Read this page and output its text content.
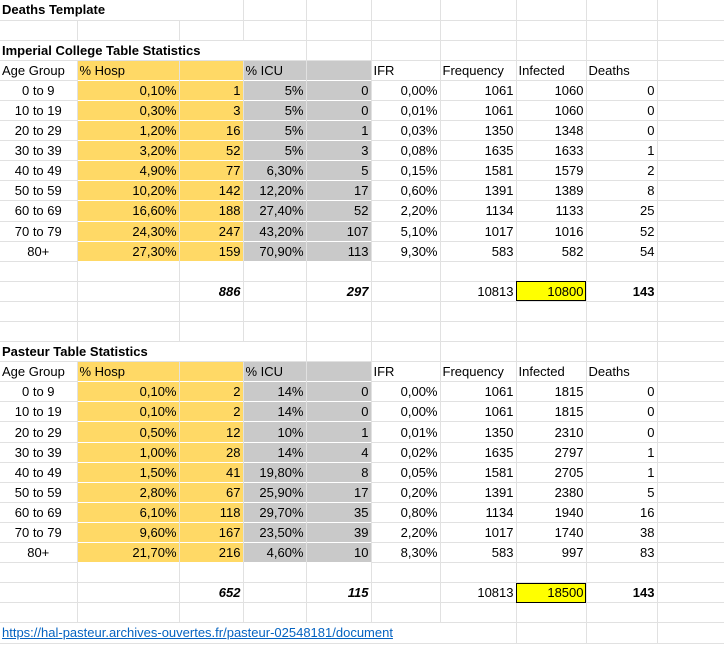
Deaths Template									

Imperial College Table Statistics									
Age Group	% Hosp		% ICU		IFR	Frequency	Infected	Deaths	
0 to 9	0,10%	1	5%	0	0,00%	1061	1060	0	
10 to 19	0,30%	3	5%	0	0,01%	1061	1060	0	
20 to 29	1,20%	16	5%	1	0,03%	1350	1348	0	
30 to 39	3,20%	52	5%	3	0,08%	1635	1633	1	
40 to 49	4,90%	77	6,30%	5	0,15%	1581	1579	2	
50 to 59	10,20%	142	12,20%	17	0,60%	1391	1389	8	
60 to 69	16,60%	188	27,40%	52	2,20%	1134	1133	25	
70 to 79	24,30%	247	43,20%	107	5,10%	1017	1016	52	
80+	27,30%	159	70,90%	113	9,30%	583	582	54	

		886		297		10813	10800	143	

Pasteur Table Statistics									
Age Group	% Hosp		% ICU		IFR	Frequency	Infected	Deaths	
0 to 9	0,10%	2	14%	0	0,00%	1061	1815	0	
10 to 19	0,10%	2	14%	0	0,00%	1061	1815	0	
20 to 29	0,50%	12	10%	1	0,01%	1350	2310	0	
30 to 39	1,00%	28	14%	4	0,02%	1635	2797	1	
40 to 49	1,50%	41	19,80%	8	0,05%	1581	2705	1	
50 to 59	2,80%	67	25,90%	17	0,20%	1391	2380	5	
60 to 69	6,10%	118	29,70%	35	0,80%	1134	1940	16	
70 to 79	9,60%	167	23,50%	39	2,20%	1017	1740	38	
80+	21,70%	216	4,60%	10	8,30%	583	997	83	

		652		115		10813	18500	143	

https://hal-pasteur.archives-ouvertes.fr/pasteur-02548181/document									
